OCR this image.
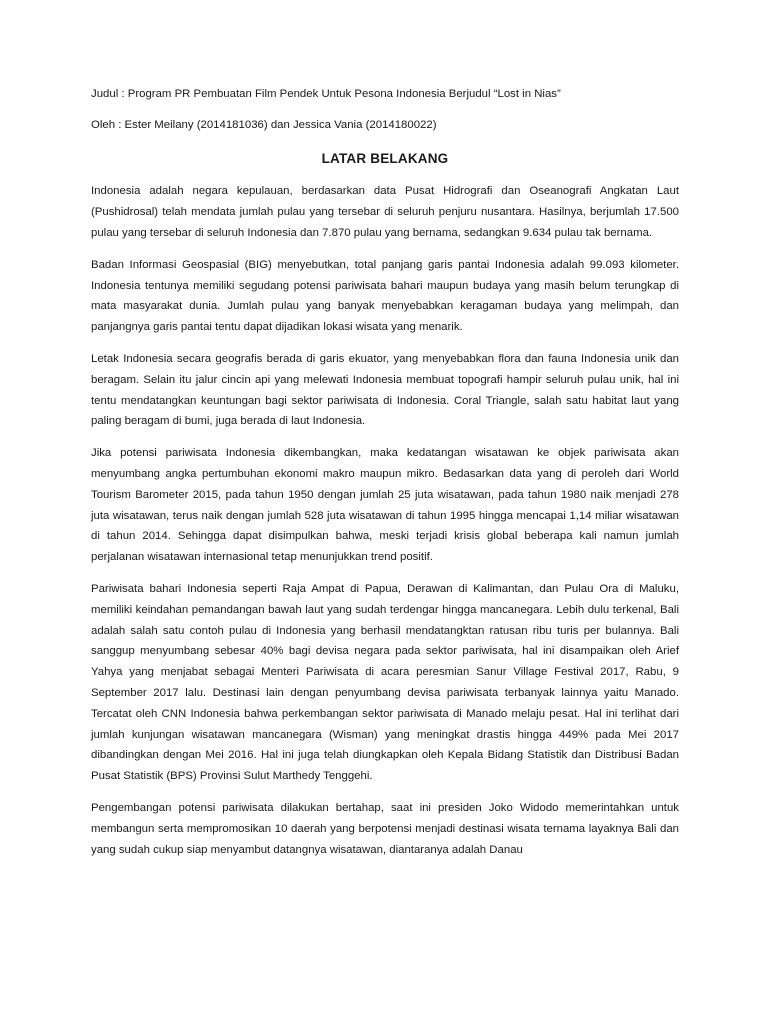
Judul : Program PR Pembuatan Film Pendek Untuk Pesona Indonesia Berjudul “Lost in Nias”

Oleh : Ester Meilany (2014181036) dan Jessica Vania (2014180022)

LATAR BELAKANG

Indonesia adalah negara kepulauan, berdasarkan data Pusat Hidrografi dan Oseanografi Angkatan Laut (Pushidrosal) telah mendata jumlah pulau yang tersebar di seluruh penjuru nusantara. Hasilnya, berjumlah 17.500 pulau yang tersebar di seluruh Indonesia dan 7.870 pulau yang bernama, sedangkan 9.634 pulau tak bernama.

Badan Informasi Geospasial (BIG) menyebutkan, total panjang garis pantai Indonesia adalah 99.093 kilometer. Indonesia tentunya memiliki segudang potensi pariwisata bahari maupun budaya yang masih belum terungkap di mata masyarakat dunia. Jumlah pulau yang banyak menyebabkan keragaman budaya yang melimpah, dan panjangnya garis pantai tentu dapat dijadikan lokasi wisata yang menarik.

Letak Indonesia secara geografis berada di garis ekuator, yang menyebabkan flora dan fauna Indonesia unik dan beragam. Selain itu jalur cincin api yang melewati Indonesia membuat topografi hampir seluruh pulau unik, hal ini tentu mendatangkan keuntungan bagi sektor pariwisata di Indonesia. Coral Triangle, salah satu habitat laut yang paling beragam di bumi, juga berada di laut Indonesia.

Jika potensi pariwisata Indonesia dikembangkan, maka kedatangan wisatawan ke objek pariwisata akan menyumbang angka pertumbuhan ekonomi makro maupun mikro. Bedasarkan data yang di peroleh dari World Tourism Barometer 2015, pada tahun 1950 dengan jumlah 25 juta wisatawan, pada tahun 1980 naik menjadi 278 juta wisatawan, terus naik dengan jumlah 528 juta wisatawan di tahun 1995 hingga mencapai 1,14 miliar wisatawan di tahun 2014. Sehingga dapat disimpulkan bahwa, meski terjadi krisis global beberapa kali namun jumlah perjalanan wisatawan internasional tetap menunjukkan trend positif.

Pariwisata bahari Indonesia seperti Raja Ampat di Papua, Derawan di Kalimantan, dan Pulau Ora di Maluku, memiliki keindahan pemandangan bawah laut yang sudah terdengar hingga mancanegara. Lebih dulu terkenal, Bali adalah salah satu contoh pulau di Indonesia yang berhasil mendatangktan ratusan ribu turis per bulannya. Bali sanggup menyumbang sebesar 40% bagi devisa negara pada sektor pariwisata, hal ini disampaikan oleh Arief Yahya yang menjabat sebagai Menteri Pariwisata di acara peresmian Sanur Village Festival 2017, Rabu, 9 September 2017 lalu. Destinasi lain dengan penyumbang devisa pariwisata terbanyak lainnya yaitu Manado. Tercatat oleh CNN Indonesia bahwa perkembangan sektor pariwisata di Manado melaju pesat. Hal ini terlihat dari jumlah kunjungan wisatawan mancanegara (Wisman) yang meningkat drastis hingga 449% pada Mei 2017 dibandingkan dengan Mei 2016. Hal ini juga telah diungkapkan oleh Kepala Bidang Statistik dan Distribusi Badan Pusat Statistik (BPS) Provinsi Sulut Marthedy Tenggehi.

Pengembangan potensi pariwisata dilakukan bertahap, saat ini presiden Joko Widodo memerintahkan untuk membangun serta mempromosikan 10 daerah yang berpotensi menjadi destinasi wisata ternama layaknya Bali dan yang sudah cukup siap menyambut datangnya wisatawan, diantaranya adalah Danau
